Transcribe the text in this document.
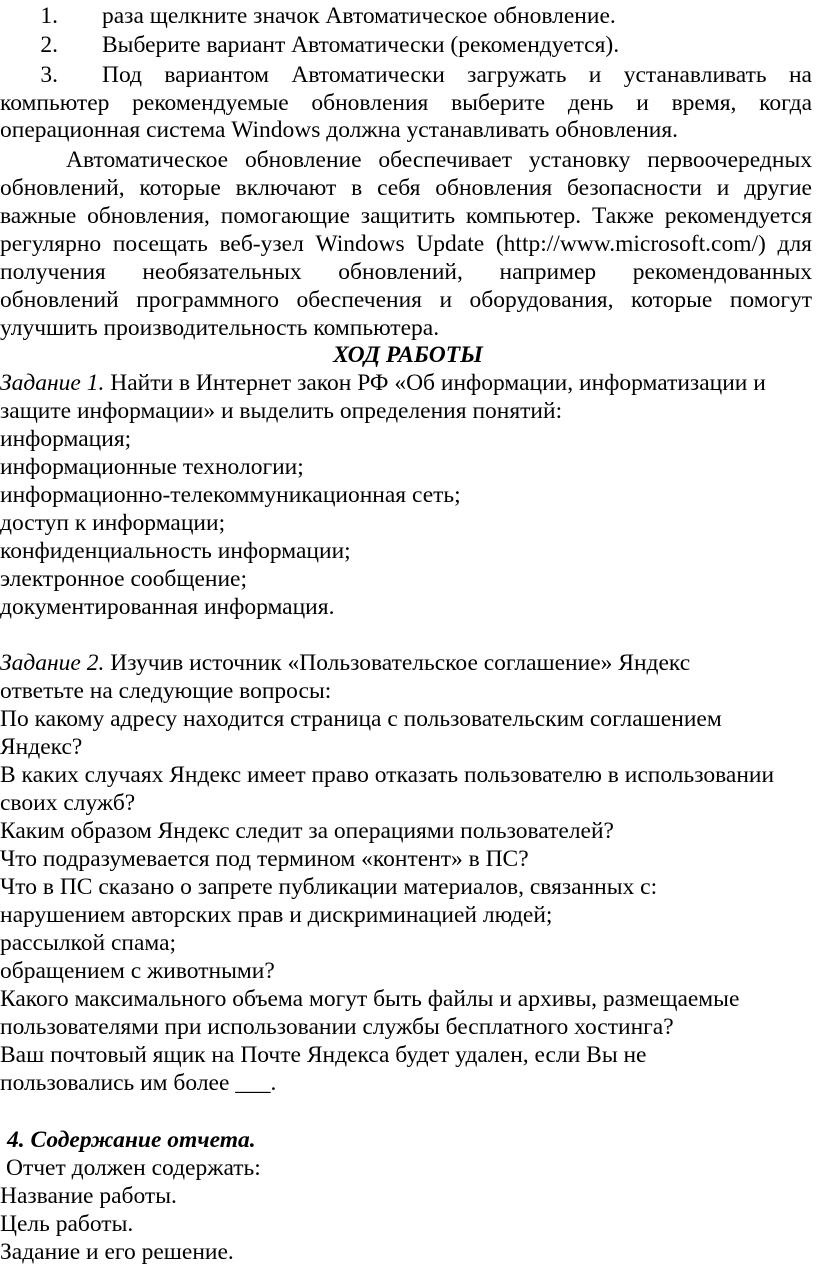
1. раза щелкните значок Автоматическое обновление.
2. Выберите вариант Автоматически (рекомендуется).
3. Под вариантом Автоматически загружать и устанавливать на
компьютер рекомендуемые обновления выберите день и время, когда
операционная система Windows должна устанавливать обновления.
Автоматическое обновление обеспечивает установку первоочередных
обновлений, которые включают в себя обновления безопасности и другие
важные обновления, помогающие защитить компьютер. Также рекомендуется
регулярно посещать веб-узел Windows Update (http://www.microsoft.com/) для
получения необязательных обновлений, например рекомендованных
обновлений программного обеспечения и оборудования, которые помогут
улучшить производительность компьютера.
ХОД РАБОТЫ
Задание 1. Найти в Интернет закон РФ «Об информации, информатизации и
защите информации» и выделить определения понятий:
информация;
информационные технологии;
информационно-телекоммуникационная сеть;
доступ к информации;
конфиденциальность информации;
электронное сообщение;
документированная информация.
Задание 2. Изучив источник «Пользовательское соглашение» Яндекс
ответьте на следующие вопросы:
По какому адресу находится страница с пользовательским соглашением
Яндекс?
В каких случаях Яндекс имеет право отказать пользователю в использовании
своих служб?
Каким образом Яндекс следит за операциями пользователей?
Что подразумевается под термином «контент» в ПС?
Что в ПС сказано о запрете публикации материалов, связанных с:
нарушением авторских прав и дискриминацией людей;
рассылкой спама;
обращением с животными?
Какого максимального объема могут быть файлы и архивы, размещаемые
пользователями при использовании службы бесплатного хостинга?
Ваш почтовый ящик на Почте Яндекса будет удален, если Вы не
пользовались им более ___.
4. Содержание отчета.
Отчет должен содержать:
Название работы.
Цель работы.
Задание и его решение.
